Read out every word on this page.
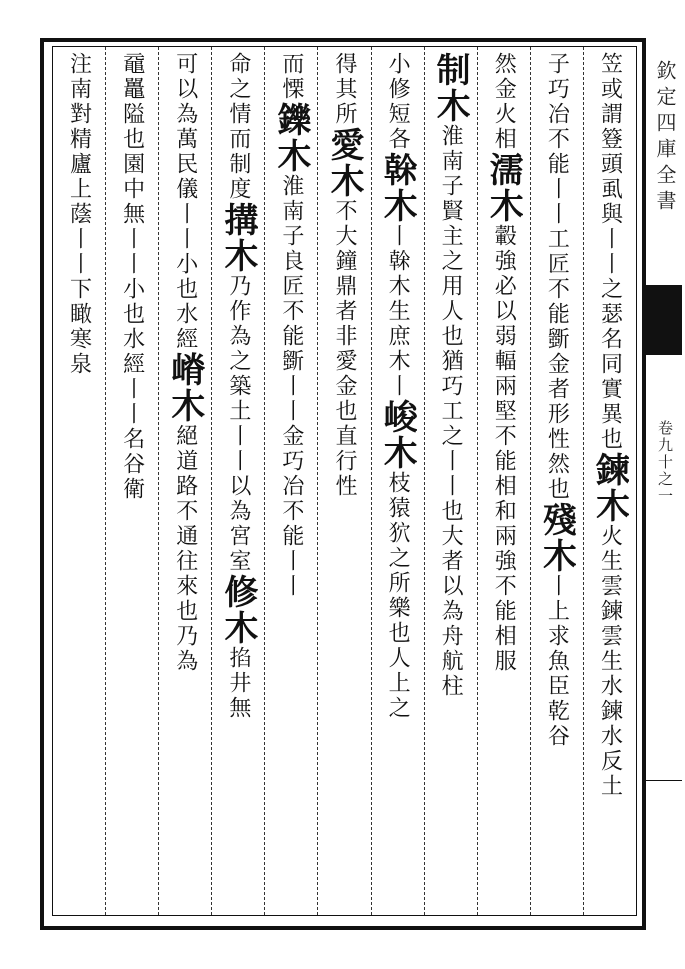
欽定四庫全書
卷九十之一
笠或謂簦頭虱與丨丨之瑟名同實異也鍊木火生雲鍊雲生水鍊水反土
子巧冶不能丨丨工匠不能斵金者形性然也殘木丨上求魚臣乾谷
然金火相濡木轂強必以弱輻兩堅不能相和兩強不能相服
制木淮南子賢主之用人也猶巧工之丨丨也大者以為舟航柱
小修短各榦木丨榦木生庶木丨峻木枝猿狖之所樂也人上之
得其所愛木不大鐘鼎者非愛金也直行性
而慄鑠木淮南子良匠不能斵丨丨金巧冶不能丨丨
命之情而制度搆木乃作為之築土丨丨以為宮室修木掐井無
可以為萬民儀丨丨小也水經嵴木絕道路不通往來也乃為
黿鼉隘也園中無丨丨小也水經丨丨名谷衛
注南對精廬上蔭丨丨下瞰寒泉
